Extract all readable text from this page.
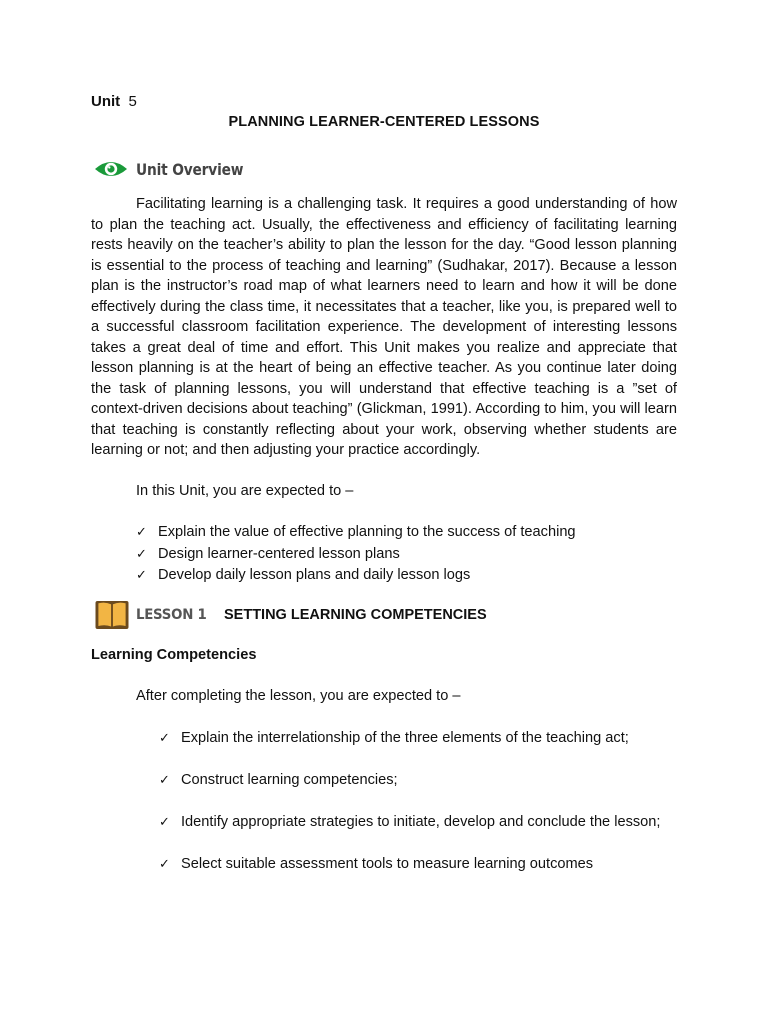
Unit 5
PLANNING LEARNER-CENTERED LESSONS
Unit Overview

Facilitating learning is a challenging task. It requires a good understanding of how to plan the teaching act. Usually, the effectiveness and efficiency of facilitating learning rests heavily on the teacher’s ability to plan the lesson for the day. “Good lesson planning is essential to the process of teaching and learning” (Sudhakar, 2017). Because a lesson plan is the instructor’s road map of what learners need to learn and how it will be done effectively during the class time, it necessitates that a teacher, like you, is prepared well to a successful classroom facilitation experience. The development of interesting lessons takes a great deal of time and effort. This Unit makes you realize and appreciate that lesson planning is at the heart of being an effective teacher. As you continue later doing the task of planning lessons, you will understand that effective teaching is a ”set of context-driven decisions about teaching” (Glickman, 1991). According to him, you will learn that teaching is constantly reflecting about your work, observing whether students are learning or not; and then adjusting your practice accordingly.

In this Unit, you are expected to –
✓ Explain the value of effective planning to the success of teaching
✓ Design learner-centered lesson plans
✓ Develop daily lesson plans and daily lesson logs
LESSON 1	SETTING LEARNING COMPETENCIES
Learning Competencies
After completing the lesson, you are expected to –
✓ Explain the interrelationship of the three elements of the teaching act;
✓ Construct learning competencies;
✓ Identify appropriate strategies to initiate, develop and conclude the lesson;
✓ Select suitable assessment tools to measure learning outcomes
